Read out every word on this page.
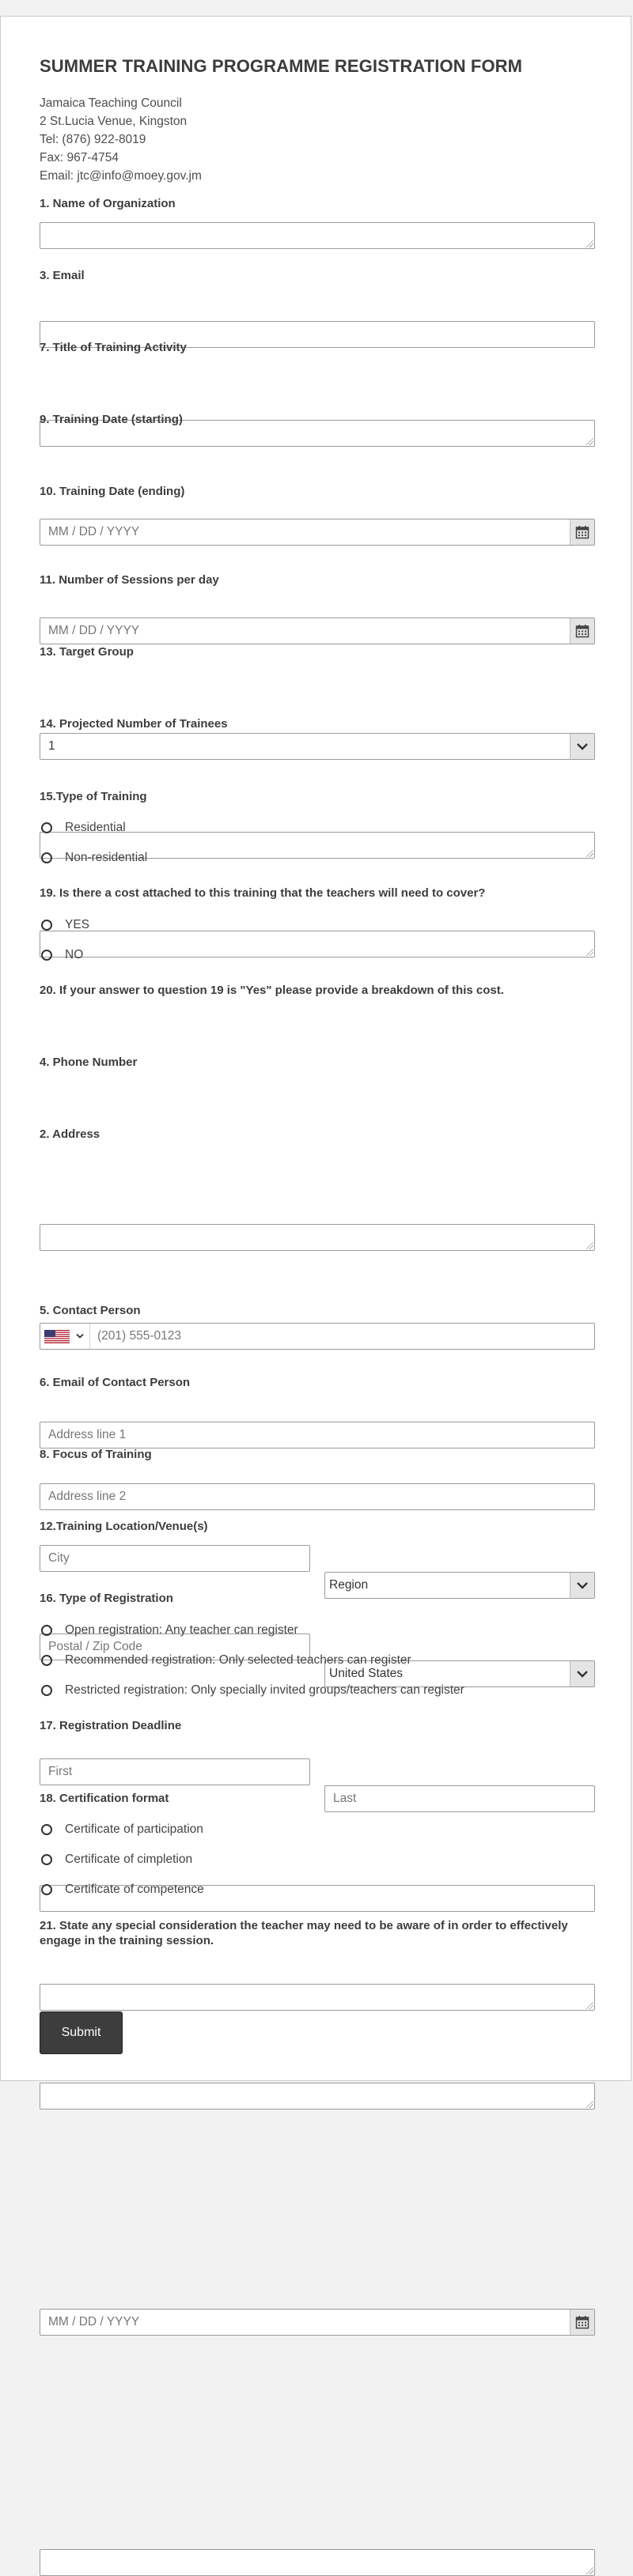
SUMMER TRAINING PROGRAMME REGISTRATION FORM
Jamaica Teaching Council
2 St.Lucia Venue, Kingston
Tel: (876) 922-8019
Fax: 967-4754
Email: jtc@info@moey.gov.jm
1. Name of Organization
3. Email
7. Title of Training Activity
9. Training Date (starting)
MM / DD / YYYY
10. Training Date (ending)
MM / DD / YYYY
11. Number of Sessions per day
1
13. Target Group
14. Projected Number of Trainees
15.Type of Training
Residential
Non-residential
19. Is there a cost attached to this training that the teachers will need to cover?
YES
NO
20. If your answer to question 19 is "Yes" please provide a breakdown of this cost.
4. Phone Number
(201) 555-0123
2. Address
Address line 1
Address line 2
City
Region
Postal / Zip Code
United States
5. Contact Person
First
Last
6. Email of Contact Person
8. Focus of Training
12.Training Location/Venue(s)
16. Type of Registration
Open registration: Any teacher can register
Recommended registration: Only selected teachers can register
Restricted registration: Only specially invited groups/teachers can register
17. Registration Deadline
MM / DD / YYYY
18. Certification format
Certificate of participation
Certificate of cimpletion
Certificate of competence
21. State any special consideration the teacher may need to be aware of in order to effectively engage in the training session.
Submit
